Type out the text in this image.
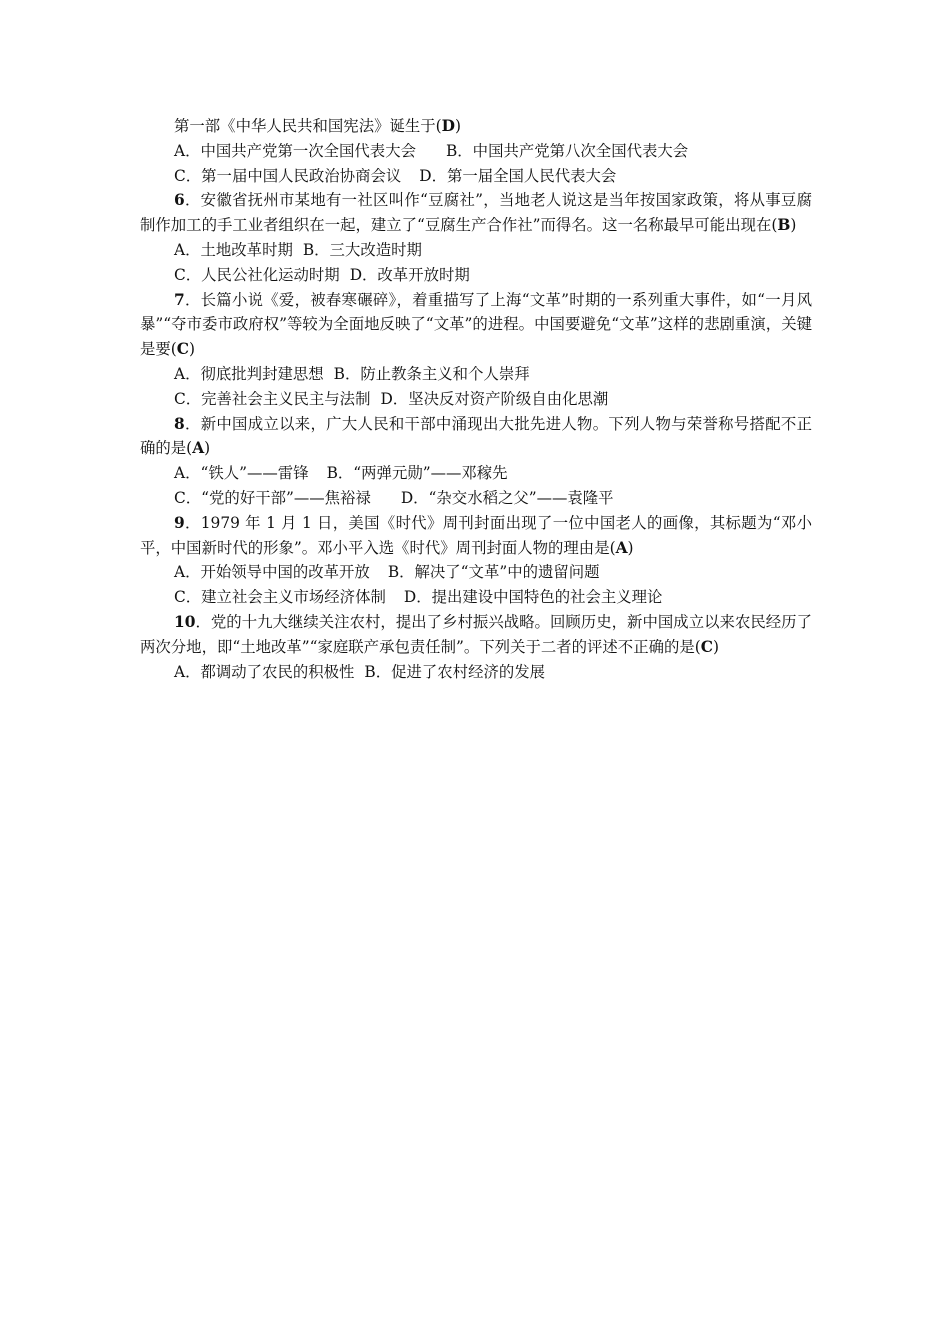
第一部《中华人民共和国宪法》诞生于(D)
A．中国共产党第一次全国代表大会 B．中国共产党第八次全国代表大会
C．第一届中国人民政治协商会议 D．第一届全国人民代表大会
6．安徽省抚州市某地有一社区叫作“豆腐社”，当地老人说这是当年按国家政策，将从事豆腐制作加工的手工业者组织在一起，建立了“豆腐生产合作社”而得名。这一名称最早可能出现在(B)
A．土地改革时期 B．三大改造时期
C．人民公社化运动时期 D．改革开放时期
7．长篇小说《爱，被春寒碾碎》，着重描写了上海“文革”时期的一系列重大事件，如“一月风暴”“夺市委市政府权”等较为全面地反映了“文革”的进程。中国要避免“文革”这样的悲剧重演，关键是要(C)
A．彻底批判封建思想 B．防止教条主义和个人崇拜
C．完善社会主义民主与法制 D．坚决反对资产阶级自由化思潮
8．新中国成立以来，广大人民和干部中涌现出大批先进人物。下列人物与荣誉称号搭配不正确的是(A)
A．“铁人”——雷锋 B．“两弹元勋”——邓稼先
C．“党的好干部”——焦裕禄 D．“杂交水稻之父”——袁隆平
9．1979 年 1 月 1 日，美国《时代》周刊封面出现了一位中国老人的画像，其标题为“邓小平，中国新时代的形象”。邓小平入选《时代》周刊封面人物的理由是(A)
A．开始领导中国的改革开放 B．解决了“文革”中的遗留问题
C．建立社会主义市场经济体制 D．提出建设中国特色的社会主义理论
10．党的十九大继续关注农村，提出了乡村振兴战略。回顾历史，新中国成立以来农民经历了两次分地，即“土地改革”“家庭联产承包责任制”。下列关于二者的评述不正确的是(C)
A．都调动了农民的积极性 B．促进了农村经济的发展
